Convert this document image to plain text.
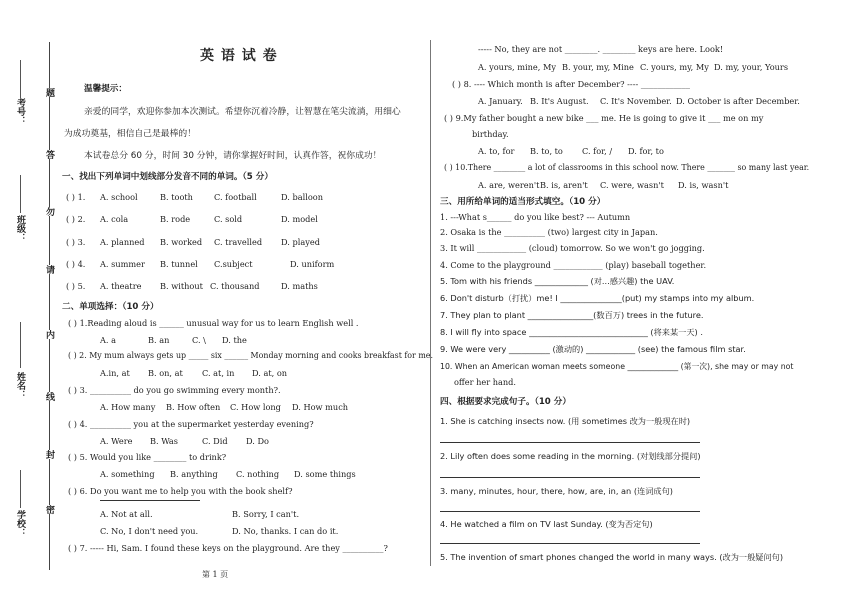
考号：
班级：
姓名：
学校：
题
答
勿
请
内
线
封
密
英 语 试 卷
温馨提示：
亲爱的同学，欢迎你参加本次测试。希望你沉着冷静，让智慧在笔尖流淌，用细心
为成功奠基，相信自己是最棒的！
本试卷总分 60 分，时间 30 分钟，请你掌握好时间，认真作答，祝你成功！
一、找出下列单词中划线部分发音不同的单词。（5 分）
( ) 1. A. school	B. tooth	C. football	D. balloon
( ) 2. A. cola	B. rode	C. sold	D. model
( ) 3. A. planned B. worked C. travelled D. played
( ) 4. A. summer B. tunnel C.subject	D. uniform
( ) 5. A. theatre B. without C. thousand	D. maths
二、单项选择：（10 分）
( ) 1.Reading aloud is ______ unusual way for us to learn English well .
A. a	B. an	C. \ D. the
( ) 2. My mum always gets up _____ six ______ Monday morning and cooks breakfast for me.
A.in, at B. on, at C. at, in D. at, on
( ) 3. __________ do you go swimming every month?.
A. How many B. How often C. How long D. How much
( ) 4. __________ you at the supermarket yesterday evening?
A. Were B. Was	C. Did D. Do
( ) 5. Would you like ________ to drink?
A. something B. anything C. nothing D. some things
( ) 6. Do you want me to help you with the book shelf?
A. Not at all.	B. Sorry, I can't.
C. No, I don't need you.	D. No, thanks. I can do it.
( ) 7. ----- Hi, Sam. I found these keys on the playground. Are they __________?
第 1 页
----- No, they are not ________. ________ keys are here. Look!
A. yours, mine, My B. your, my, Mine C. yours, my, My D. my, your, Yours
( ) 8. ---- Which month is after December? ---- ____________
A. January. B. It's August. C. It's November. D. October is after December.
( ) 9.My father bought a new bike ___ me. He is going to give it ___ me on my
birthday.
A. to, for B. to, to C. for, / D. for, to
( ) 10.There ________ a lot of classrooms in this school now. There _______ so many last year.
A. are, weren't B. is, aren't C. were, wasn't D. is, wasn't
三、用所给单词的适当形式填空。（10 分）
1. ---What s______ do you like best? --- Autumn
2. Osaka is the __________ (two) largest city in Japan.
3. It will ____________ (cloud) tomorrow. So we won't go jogging.
4. Come to the playground ____________ (play) baseball together.
5. Tom with his friends _____________ (对...感兴趣) the UAV.
6. Don't disturb（打扰）me! I _______________(put) my stamps into my album.
7. They plan to plant ________________(数百万) trees in the future.
8. I will fly into space _____________________________ (将来某一天) .
9. We were very __________ (激动的) ____________ (see) the famous film star.
10. When an American woman meets someone _____________ (第一次), she may or may not
offer her hand.
四、根据要求完成句子。（10 分）
1. She is catching insects now. (用 sometimes 改为一般现在时)
2. Lily often does some reading in the morning. (对划线部分提问)
3. many, minutes, hour, there, how, are, in, an (连词成句)
4. He watched a film on TV last Sunday. (变为否定句)
5. The invention of smart phones changed the world in many ways. (改为一般疑问句)
